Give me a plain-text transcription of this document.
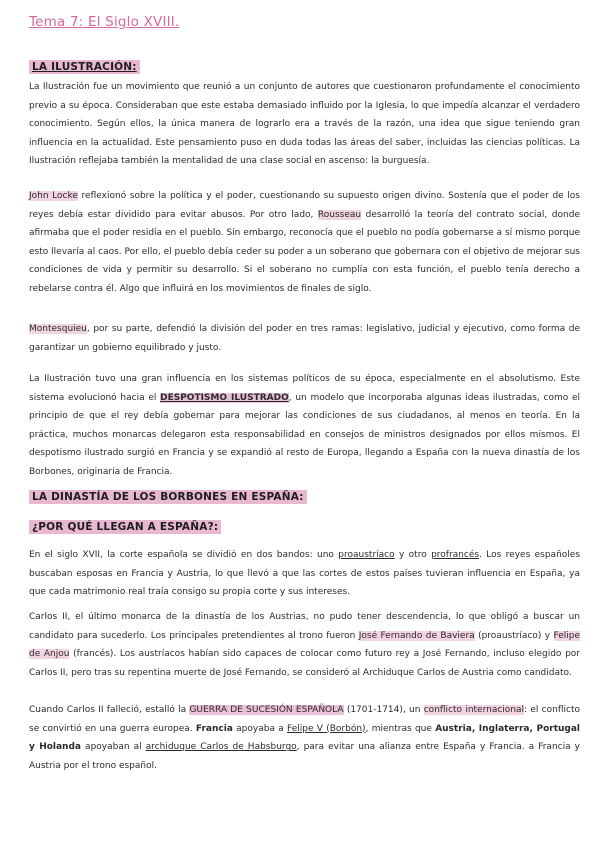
Tema 7: El Siglo XVIII.
LA ILUSTRACIÓN:
La Ilustración fue un movimiento que reunió a un conjunto de autores que cuestionaron profundamente el conocimiento previo a su época. Consideraban que este estaba demasiado influido por la Iglesia, lo que impedía alcanzar el verdadero conocimiento. Según ellos, la única manera de lograrlo era a través de la razón, una idea que sigue teniendo gran influencia en la actualidad. Este pensamiento puso en duda todas las áreas del saber, incluidas las ciencias políticas. La Ilustración reflejaba también la mentalidad de una clase social en ascenso: la burguesía.
John Locke reflexionó sobre la política y el poder, cuestionando su supuesto origen divino. Sostenía que el poder de los reyes debía estar dividido para evitar abusos. Por otro lado, Rousseau desarrolló la teoría del contrato social, donde afirmaba que el poder residía en el pueblo. Sin embargo, reconocía que el pueblo no podía gobernarse a sí mismo porque esto llevaría al caos. Por ello, el pueblo debía ceder su poder a un soberano que gobernara con el objetivo de mejorar sus condiciones de vida y permitir su desarrollo. Si el soberano no cumplía con esta función, el pueblo tenía derecho a rebelarse contra él. Algo que influirá en los movimientos de finales de siglo.
Montesquieu, por su parte, defendió la división del poder en tres ramas: legislativo, judicial y ejecutivo, como forma de garantizar un gobierno equilibrado y justo.
La Ilustración tuvo una gran influencia en los sistemas políticos de su época, especialmente en el absolutismo. Este sistema evolucionó hacia el DESPOTISMO ILUSTRADO, un modelo que incorporaba algunas ideas ilustradas, como el principio de que el rey debía gobernar para mejorar las condiciones de sus ciudadanos, al menos en teoría. En la práctica, muchos monarcas delegaron esta responsabilidad en consejos de ministros designados por ellos mismos. El despotismo ilustrado surgió en Francia y se expandió al resto de Europa, llegando a España con la nueva dinastía de los Borbones, originaria de Francia.
LA DINASTÍA DE LOS BORBONES EN ESPAÑA:
¿POR QUÉ LLEGAN A ESPAÑA?:
En el siglo XVII, la corte española se dividió en dos bandos: uno proaustríaco y otro profrancés. Los reyes españoles buscaban esposas en Francia y Austria, lo que llevó a que las cortes de estos países tuvieran influencia en España, ya que cada matrimonio real traía consigo su propia corte y sus intereses.
Carlos II, el último monarca de la dinastía de los Austrias, no pudo tener descendencia, lo que obligó a buscar un candidato para sucederlo. Los principales pretendientes al trono fueron José Fernando de Baviera (proaustríaco) y Felipe de Anjou (francés). Los austríacos habían sido capaces de colocar como futuro rey a José Fernando, incluso elegido por Carlos II, pero tras su repentina muerte de José Fernando, se consideró al Archiduque Carlos de Austria como candidato.
Cuando Carlos II falleció, estalló la GUERRA DE SUCESIÓN ESPAÑOLA (1701-1714), un conflicto internacional: el conflicto se convirtió en una guerra europea. Francia apoyaba a Felipe V (Borbón), mientras que Austria, Inglaterra, Portugal y Holanda apoyaban al archiduque Carlos de Habsburgo, para evitar una alianza entre España y Francia. a Francia y Austria por el trono español.
